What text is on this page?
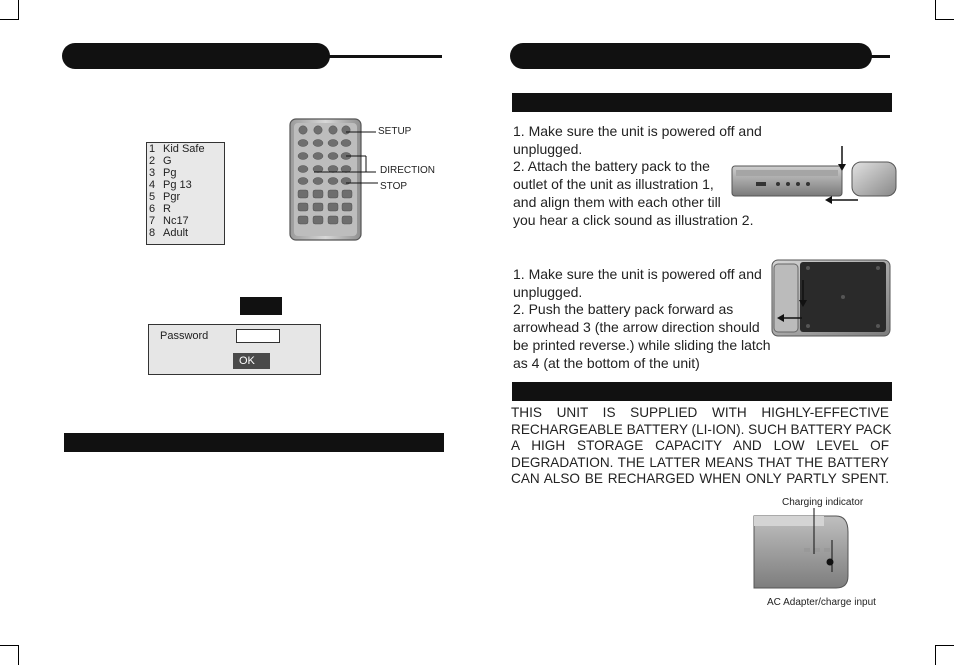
1 Kid Safe
2 G
3 Pg
4 Pg 13
5 Pgr
6 R
7 Nc17
8 Adult
SETUP
DIRECTION
STOP
Password
OK
1. Make sure the unit is powered off and
unplugged.
2. Attach the battery pack to the
outlet of the unit as illustration 1,
and align them with each other till
you hear a click sound as illustration 2.
1. Make sure the unit is powered off and
unplugged.
2. Push the battery pack forward as
arrowhead 3 (the arrow direction should
be printed reverse.) while sliding the latch
as 4 (at the bottom of the unit)
THIS UNIT IS SUPPLIED WITH HIGHLY-EFFECTIVE
RECHARGEABLE BATTERY (LI-ION). SUCH BATTERY PACK
A HIGH STORAGE CAPACITY AND LOW LEVEL OF
DEGRADATION. THE LATTER MEANS THAT THE BATTERY
CAN ALSO BE RECHARGED WHEN ONLY PARTLY SPENT.
Charging indicator
AC Adapter/charge input
